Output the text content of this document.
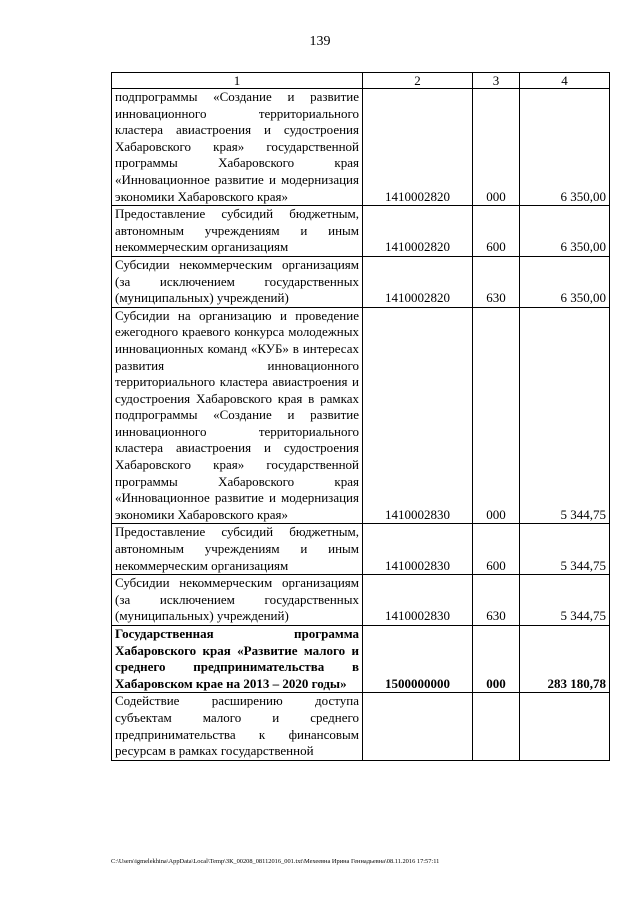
139
1	2	3	4

подпрограммы «Создание и развитие инновационного территориального кластера авиастроения и судостроения Хабаровского края» государственной программы Хабаровского края «Инновационное развитие и модернизация экономики Хабаровского края»	1410002820	000	6 350,00

Предоставление субсидий бюджетным, автономным учреждениям и иным некоммерческим организациям	1410002820	600	6 350,00

Субсидии некоммерческим организациям (за исключением государственных (муниципальных) учреждений)	1410002820	630	6 350,00

Субсидии на организацию и проведение ежегодного краевого конкурса молодежных инновационных команд «КУБ» в интересах развития инновационного территориального кластера авиастроения и судостроения Хабаровского края в рамках подпрограммы «Создание и развитие инновационного территориального кластера авиастроения и судостроения Хабаровского края» государственной программы Хабаровского края «Инновационное развитие и модернизация экономики Хабаровского края»	1410002830	000	5 344,75

Предоставление субсидий бюджетным, автономным учреждениям и иным некоммерческим организациям	1410002830	600	5 344,75

Субсидии некоммерческим организациям (за исключением государственных (муниципальных) учреждений)	1410002830	630	5 344,75

Государственная программа Хабаровского края «Развитие малого и среднего предпринимательства в Хабаровском крае на 2013 – 2020 годы»	1500000000	000	283 180,78

Содействие расширению доступа субъектам малого и среднего предпринимательства к финансовым ресурсам в рамках государственной			

C:\Users\igmelekhina\AppData\Local\Temp\ЗК_00208_08112016_001.txt\Мехеевна Ирина Геннадьевна\08.11.2016 17:57:11
